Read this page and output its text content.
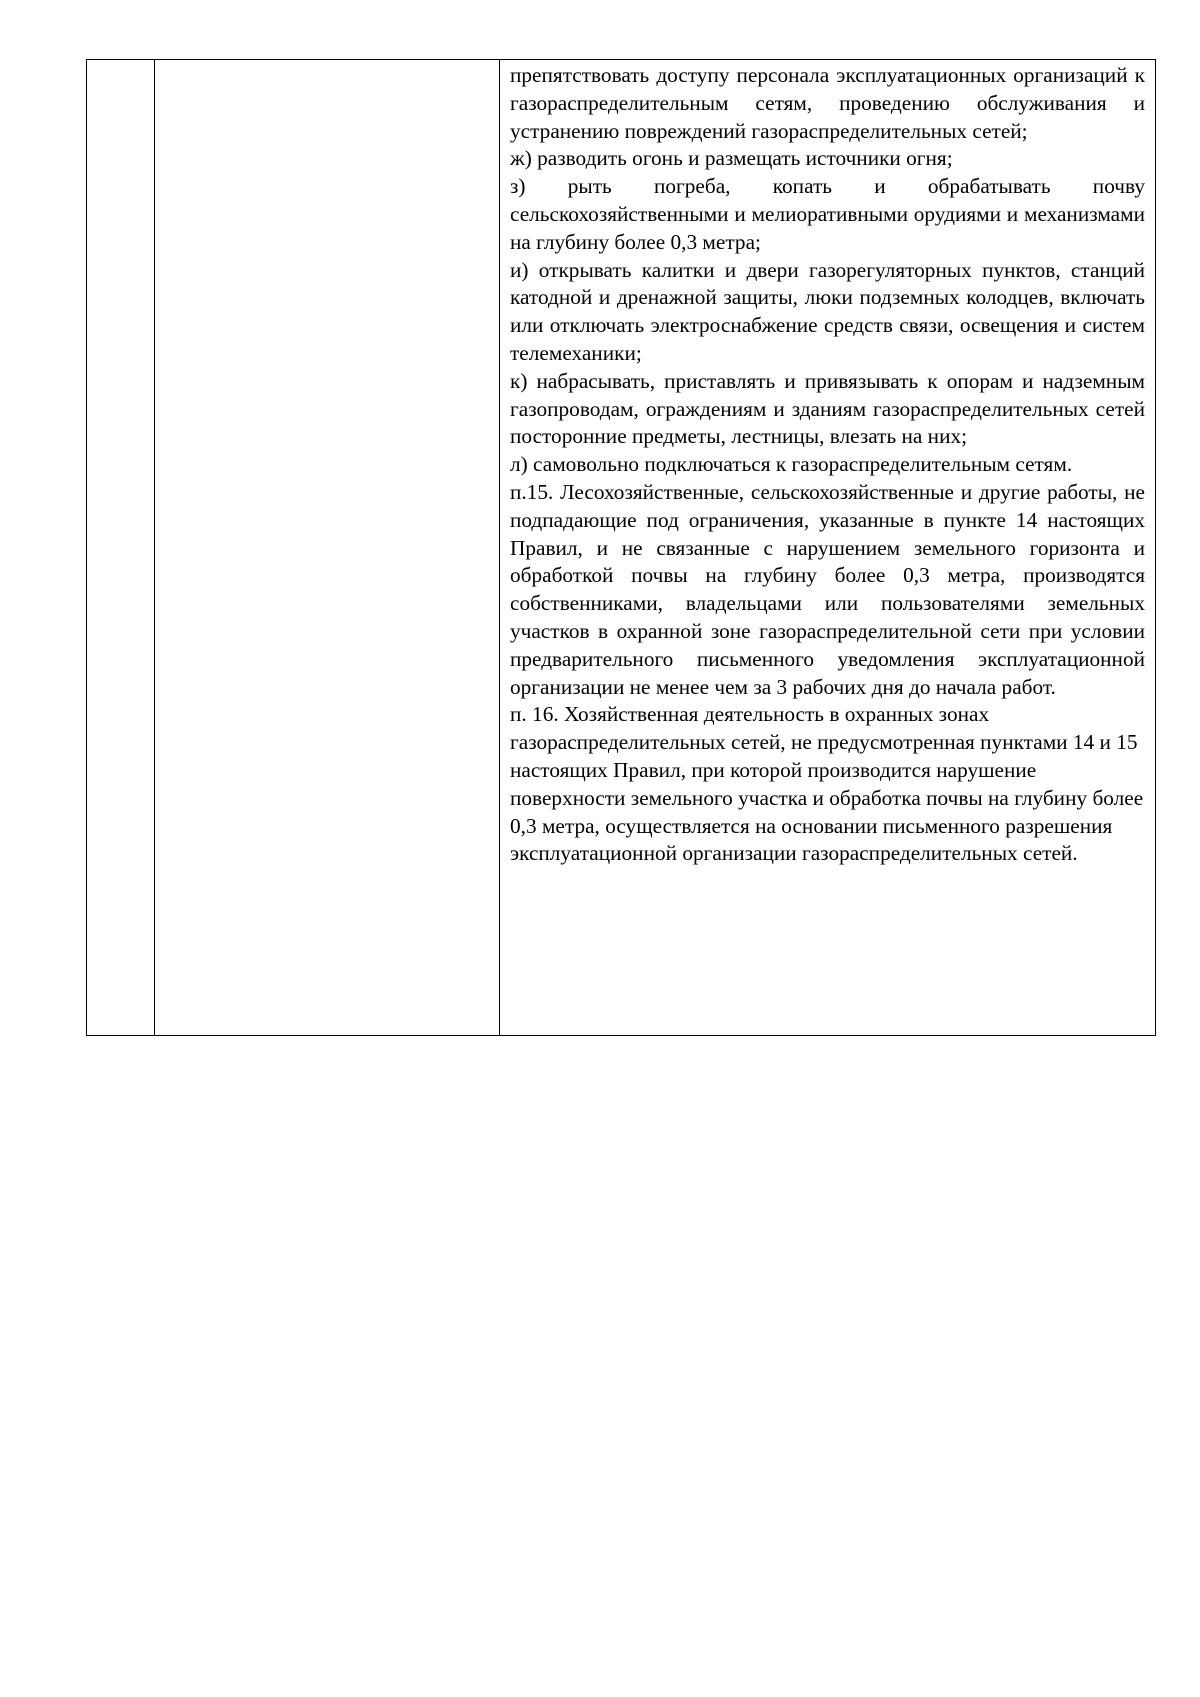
препятствовать доступу персонала эксплуатационных организаций к газораспределительным сетям, проведению обслуживания и устранению повреждений газораспределительных сетей;

ж) разводить огонь и размещать источники огня;

з) рыть погреба, копать и обрабатывать почву сельскохозяйственными и мелиоративными орудиями и механизмами на глубину более 0,3 метра;

и) открывать калитки и двери газорегуляторных пунктов, станций катодной и дренажной защиты, люки подземных колодцев, включать или отключать электроснабжение средств связи, освещения и систем телемеханики;

к) набрасывать, приставлять и привязывать к опорам и надземным газопроводам, ограждениям и зданиям газораспределительных сетей посторонние предметы, лестницы, влезать на них;

л) самовольно подключаться к газораспределительным сетям.

п.15. Лесохозяйственные, сельскохозяйственные и другие работы, не подпадающие под ограничения, указанные в пункте 14 настоящих Правил, и не связанные с нарушением земельного горизонта и обработкой почвы на глубину более 0,3 метра, производятся собственниками, владельцами или пользователями земельных участков в охранной зоне газораспределительной сети при условии предварительного письменного уведомления эксплуатационной организации не менее чем за 3 рабочих дня до начала работ.

п. 16. Хозяйственная деятельность в охранных зонах газораспределительных сетей, не предусмотренная пунктами 14 и 15 настоящих Правил, при которой производится нарушение поверхности земельного участка и обработка почвы на глубину более 0,3 метра, осуществляется на основании письменного разрешения эксплуатационной организации газораспределительных сетей.
